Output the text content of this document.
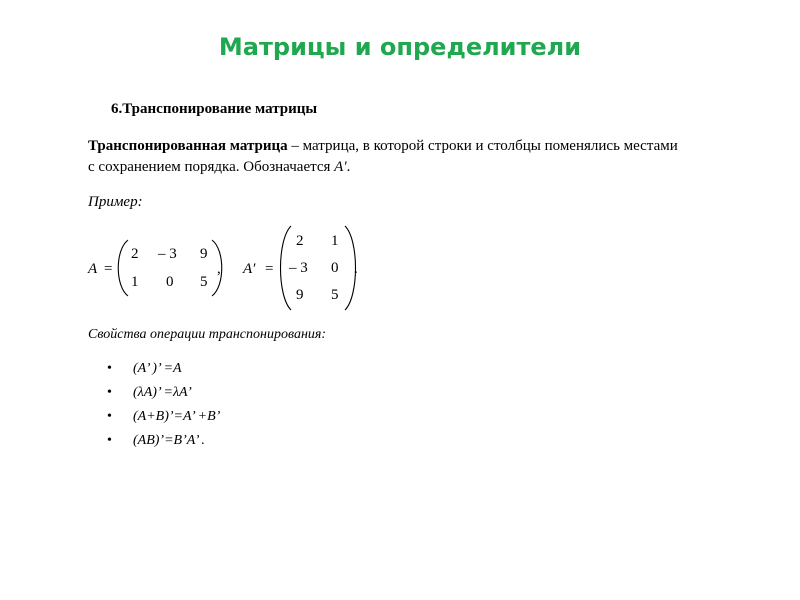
Матрицы и определители
6.Транспонирование матрицы
Транспонированная матрица – матрица, в которой строки и столбцы поменялись местами с сохранением порядка. Обозначается A′.
Пример:
A =
2 – 3 9
1 0 5
, A′ =
2 1
– 3 0
9 5
.
Свойства операции транспонирования:
• (A’ )’ =A
• (λA)’ =λA’
• (A+B)’=A’ +B’
• (AB)’=B’A’ .
